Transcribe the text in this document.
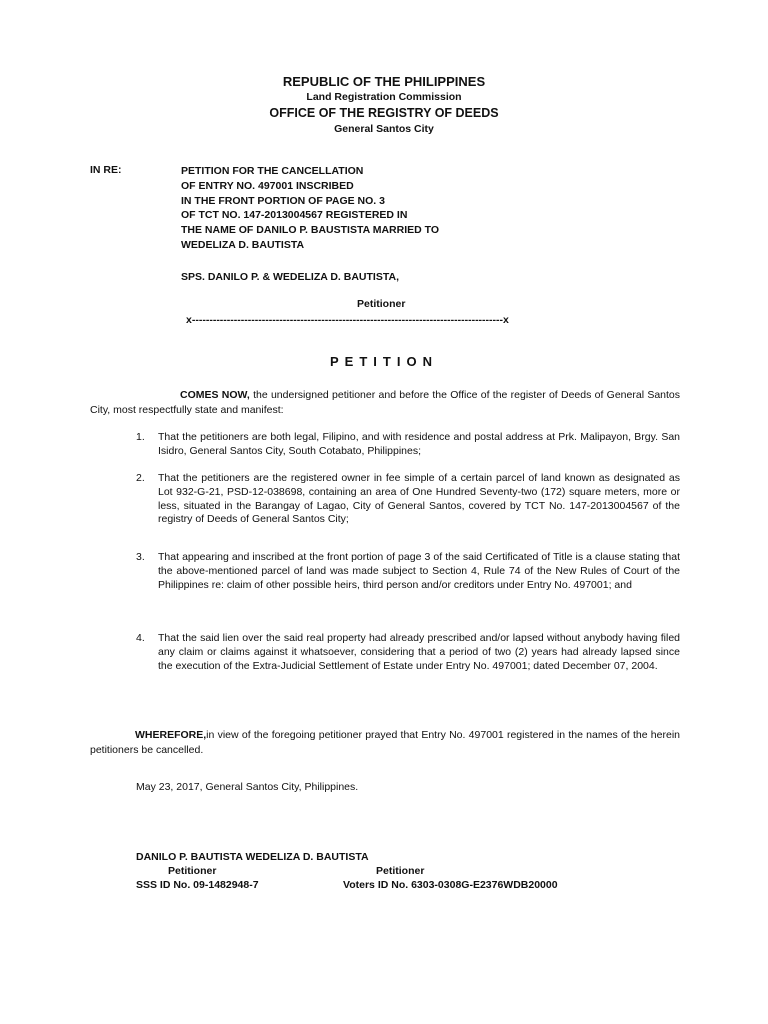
REPUBLIC OF THE PHILIPPINES
Land Registration Commission
OFFICE OF THE REGISTRY OF DEEDS
General Santos City
IN RE:	PETITION FOR THE CANCELLATION
OF ENTRY NO. 497001 INSCRIBED
IN THE FRONT PORTION OF PAGE NO. 3
OF TCT NO. 147-2013004567 REGISTERED IN
THE NAME OF DANILO P. BAUSTISTA MARRIED TO
WEDELIZA D. BAUTISTA
SPS. DANILO P. & WEDELIZA D. BAUTISTA,
Petitioner
x-----------------------------------------------------------------------------------------x
PETITION
COMES NOW, the undersigned petitioner and before the Office of the register of Deeds of General Santos City, most respectfully state and manifest:
1. That the petitioners are both legal, Filipino, and with residence and postal address at Prk. Malipayon, Brgy. San Isidro, General Santos City, South Cotabato, Philippines;
2. That the petitioners are the registered owner in fee simple of a certain parcel of land known as designated as Lot 932-G-21, PSD-12-038698, containing an area of One Hundred Seventy-two (172) square meters, more or less, situated in the Barangay of Lagao, City of General Santos, covered by TCT No. 147-2013004567 of the registry of Deeds of General Santos City;
3. That appearing and inscribed at the front portion of page 3 of the said Certificated of Title is a clause stating that the above-mentioned parcel of land was made subject to Section 4, Rule 74 of the New Rules of Court of the Philippines re: claim of other possible heirs, third person and/or creditors under Entry No. 497001; and
4. That the said lien over the said real property had already prescribed and/or lapsed without anybody having filed any claim or claims against it whatsoever, considering that a period of two (2) years had already lapsed since the execution of the Extra-Judicial Settlement of Estate under Entry No. 497001; dated December 07, 2004.
WHEREFORE,in view of the foregoing petitioner prayed that Entry No. 497001 registered in the names of the herein petitioners be cancelled.
May 23, 2017, General Santos City, Philippines.
DANILO P. BAUTISTA WEDELIZA D. BAUTISTA
Petitioner	Petitioner
SSS ID No. 09-1482948-7	Voters ID No. 6303-0308G-E2376WDB20000
